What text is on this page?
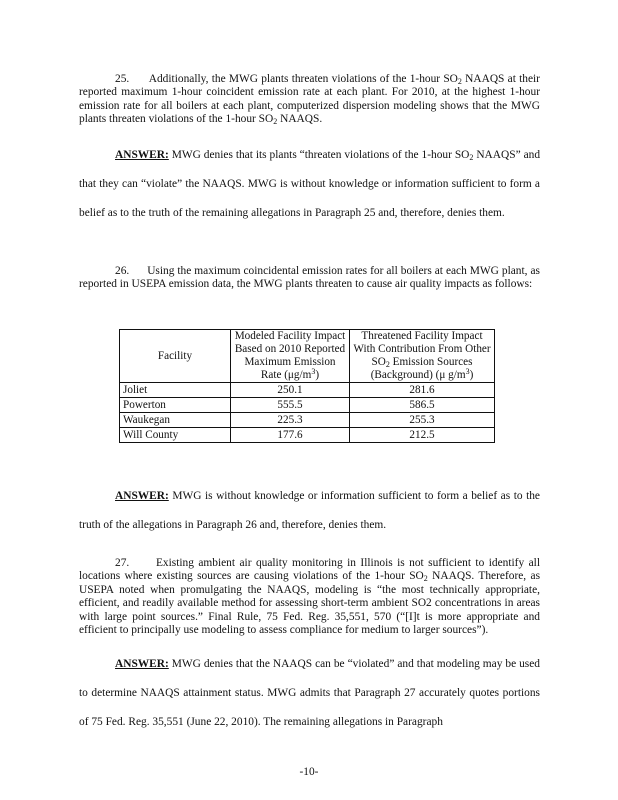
25. Additionally, the MWG plants threaten violations of the 1-hour $SO_2$ NAAQS at their reported maximum 1-hour coincident emission rate at each plant. For 2010, at the highest 1-hour emission rate for all boilers at each plant, computerized dispersion modeling shows that the MWG plants threaten violations of the 1-hour $SO_2$ NAAQS.
ANSWER: MWG denies that its plants “threaten violations of the 1-hour $SO_2$ NAAQS” and that they can “violate” the NAAQS. MWG is without knowledge or information sufficient to form a belief as to the truth of the remaining allegations in Paragraph 25 and, therefore, denies them.
26. Using the maximum coincidental emission rates for all boilers at each MWG plant, as reported in USEPA emission data, the MWG plants threaten to cause air quality impacts as follows:
Facility	Modeled Facility Impact Based on 2010 Reported Maximum Emission Rate $(\mu g/m^3)$	Threatened Facility Impact With Contribution From Other $SO_2$ Emission Sources (Background) (μ $g/m^3$)
Joliet	250.1	281.6
Powerton	555.5	586.5
Waukegan	225.3	255.3
Will County	177.6	212.5
ANSWER: MWG is without knowledge or information sufficient to form a belief as to the truth of the allegations in Paragraph 26 and, therefore, denies them.
27. Existing ambient air quality monitoring in Illinois is not sufficient to identify all locations where existing sources are causing violations of the 1-hour $SO_2$ NAAQS. Therefore, as USEPA noted when promulgating the NAAQS, modeling is “the most technically appropriate, efficient, and readily available method for assessing short-term ambient SO2 concentrations in areas with large point sources.” Final Rule, 75 Fed. Reg. 35,551, 570 (“[I]t is more appropriate and efficient to principally use modeling to assess compliance for medium to larger sources”).
ANSWER: MWG denies that the NAAQS can be “violated” and that modeling may be used to determine NAAQS attainment status. MWG admits that Paragraph 27 accurately quotes portions of 75 Fed. Reg. 35,551 (June 22, 2010). The remaining allegations in Paragraph
-10-
